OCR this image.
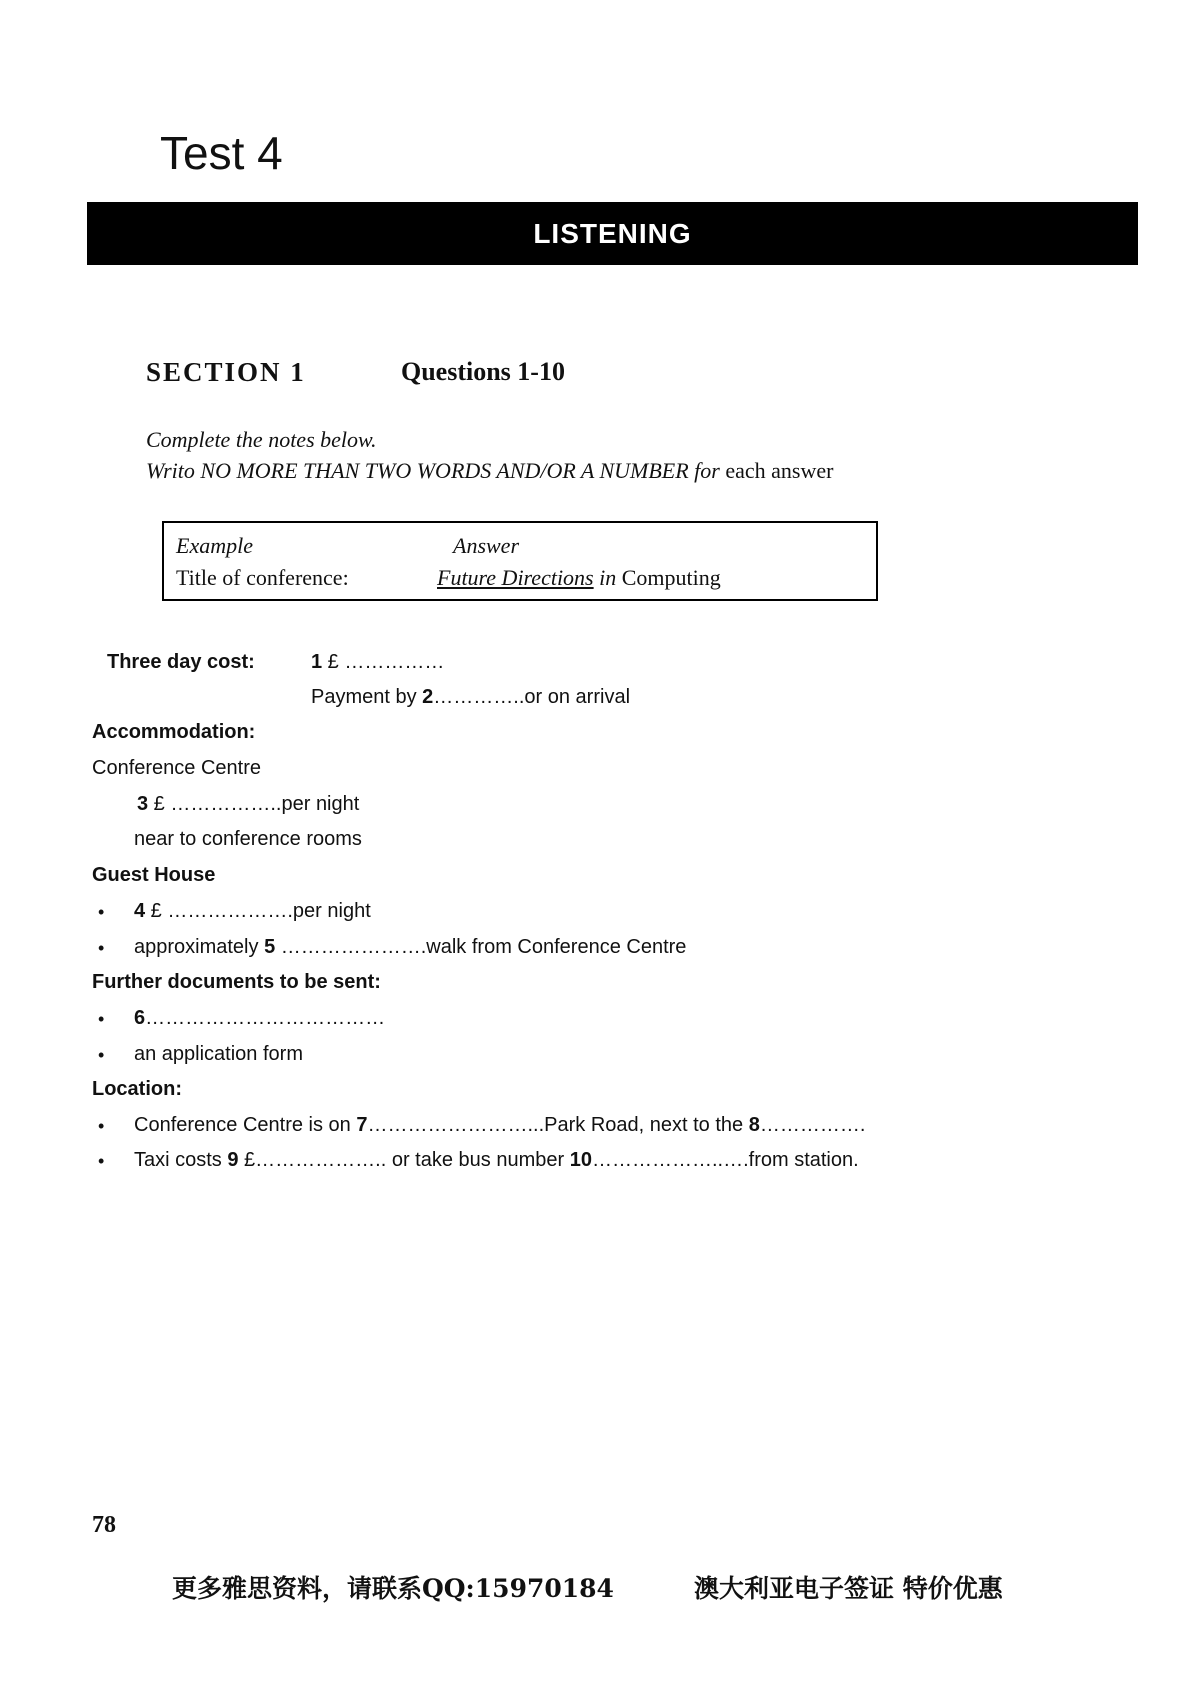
Test 4
LISTENING
SECTION 1	Questions 1-10
Complete the notes below.
Writo NO MORE THAN TWO WORDS AND/OR A NUMBER for each answer
Example	Answer
Title of conference:	Future Directions in Computing
Three day cost:	1 £ ……………
Payment by 2…………..or on arrival
Accommodation:
Conference Centre
3 £ ……………..per night
near to conference rooms
Guest House
• 4 £ ……………….per night
• approximately 5 ………………….walk from Conference Centre
Further documents to be sent:
• 6………………………………
• an application form
Location:
• Conference Centre is on 7……………………...Park Road, next to the 8…………….
• Taxi costs 9 £……………….. or take bus number 10………………..….from station.
78
更多雅思资料，请联系QQ:15970184	澳大利亚电子签证 特价优惠
